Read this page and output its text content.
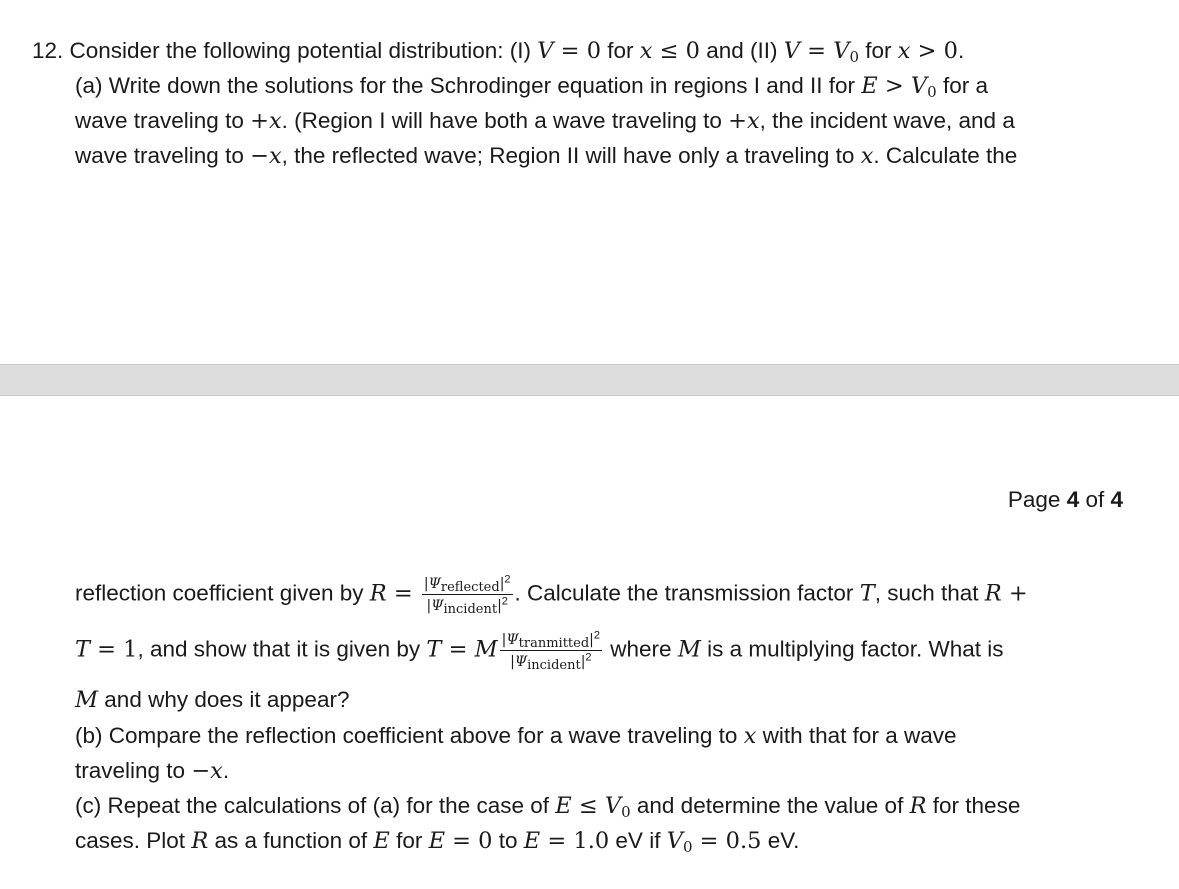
12. Consider the following potential distribution: (I) V = 0 for x ≤ 0 and (II) $V = V_0$ for x > 0.
(a) Write down the solutions for the Schrodinger equation in regions I and II for $E > V_0$ for a
wave traveling to +x. (Region I will have both a wave traveling to +x, the incident wave, and a
wave traveling to −x, the reflected wave; Region II will have only a traveling to x. Calculate the
Page 4 of 4
reflection coefficient given by $R = \frac{|\Psi reflected|^2}{|\Psi incident|^2}$ . Calculate the transmission factor T, such that R +
T = 1, and show that it is given by T = M $\frac{|\Psi tranmitted|^2}{|\Psi incident|^2}$ where M is a multiplying factor. What is
M and why does it appear?
(b) Compare the reflection coefficient above for a wave traveling to x with that for a wave
traveling to −x.
(c) Repeat the calculations of (a) for the case of $E \le V_0$ and determine the value of R for these
cases. Plot R as a function of E for E = 0 to E = 1.0 eV if $V_0 = 0.5$ eV.
